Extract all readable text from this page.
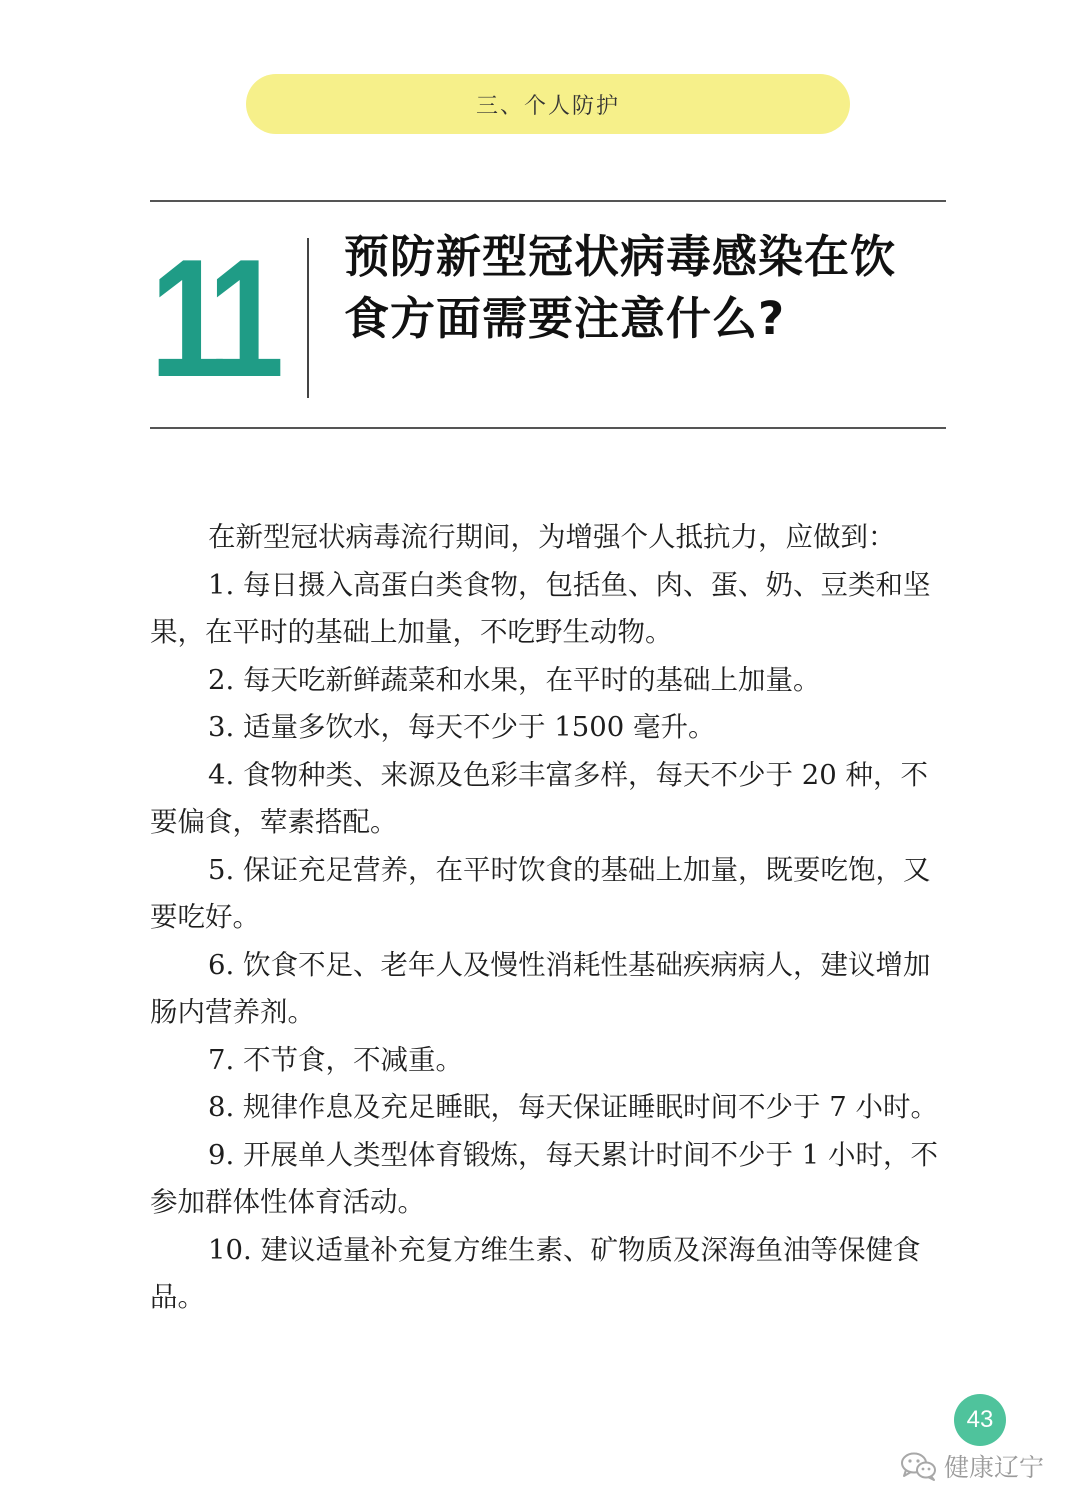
三、个人防护
11 预防新型冠状病毒感染在饮
食方面需要注意什么?

在新型冠状病毒流行期间，为增强个人抵抗力，应做到：

1. 每日摄入高蛋白类食物，包括鱼、肉、蛋、奶、豆类和坚果，在平时的基础上加量，不吃野生动物。

2. 每天吃新鲜蔬菜和水果，在平时的基础上加量。

3. 适量多饮水，每天不少于 1500 毫升。

4. 食物种类、来源及色彩丰富多样，每天不少于 20 种，不要偏食，荤素搭配。

5. 保证充足营养，在平时饮食的基础上加量，既要吃饱，又要吃好。

6. 饮食不足、老年人及慢性消耗性基础疾病病人，建议增加肠内营养剂。

7. 不节食，不减重。

8. 规律作息及充足睡眠，每天保证睡眠时间不少于 7 小时。

9. 开展单人类型体育锻炼，每天累计时间不少于 1 小时，不参加群体性体育活动。

10. 建议适量补充复方维生素、矿物质及深海鱼油等保健食品。

43
健康辽宁
